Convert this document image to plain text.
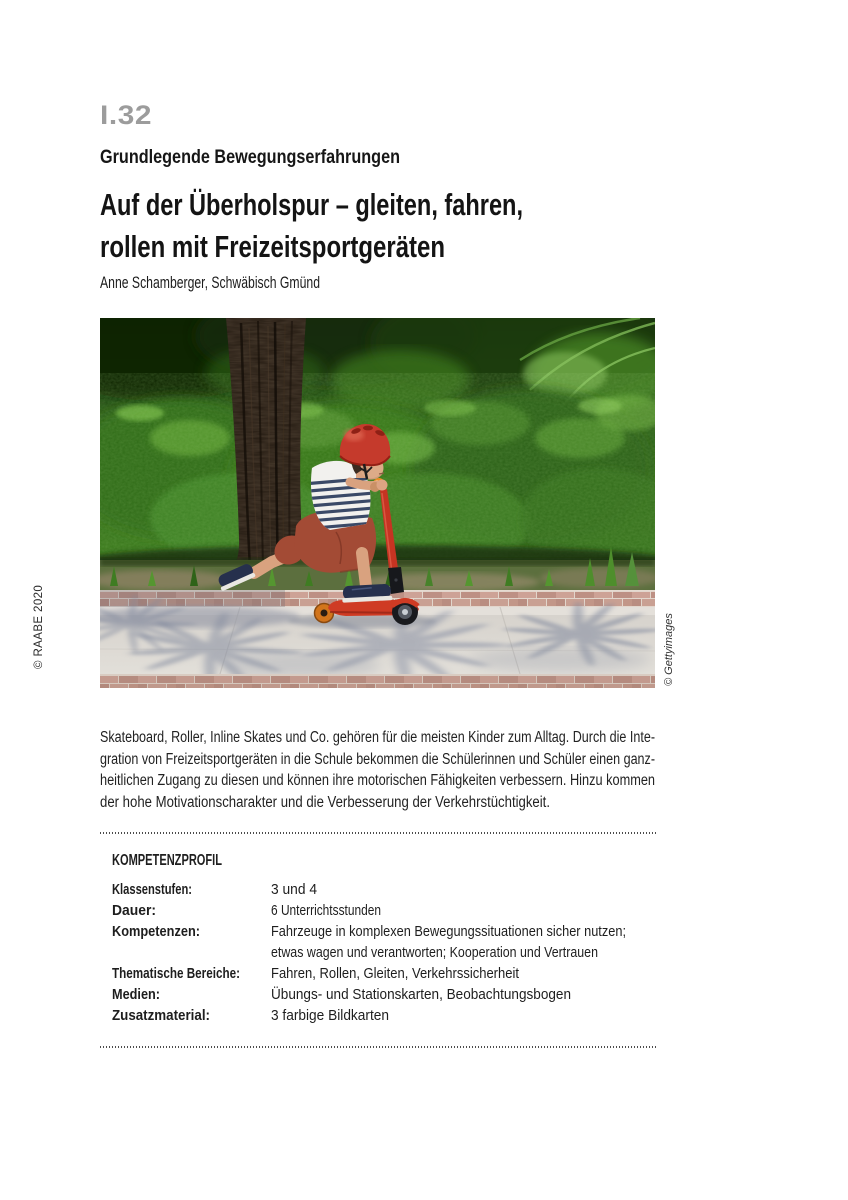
© RAABE 2020
I.32
Grundlegende Bewegungserfahrungen
Auf der Überholspur – gleiten, fahren,
rollen mit Freizeitsportgeräten
Anne Schamberger, Schwäbisch Gmünd
© Gettyimages
Skateboard, Roller, Inline Skates und Co. gehören für die meisten Kinder zum Alltag. Durch die Inte-
gration von Freizeitsportgeräten in die Schule bekommen die Schülerinnen und Schüler einen ganz-
heitlichen Zugang zu diesen und können ihre motorischen Fähigkeiten verbessern. Hinzu kommen
der hohe Motivationscharakter und die Verbesserung der Verkehrstüchtigkeit.
KOMPETENZPROFIL
Klassenstufen:	3 und 4
Dauer:	6 Unterrichtsstunden
Kompetenzen:	Fahrzeuge in komplexen Bewegungssituationen sicher nutzen;
etwas wagen und verantworten; Kooperation und Vertrauen
Thematische Bereiche:	Fahren, Rollen, Gleiten, Verkehrssicherheit
Medien:	Übungs- und Stationskarten, Beobachtungsbogen
Zusatzmaterial:	3 farbige Bildkarten
